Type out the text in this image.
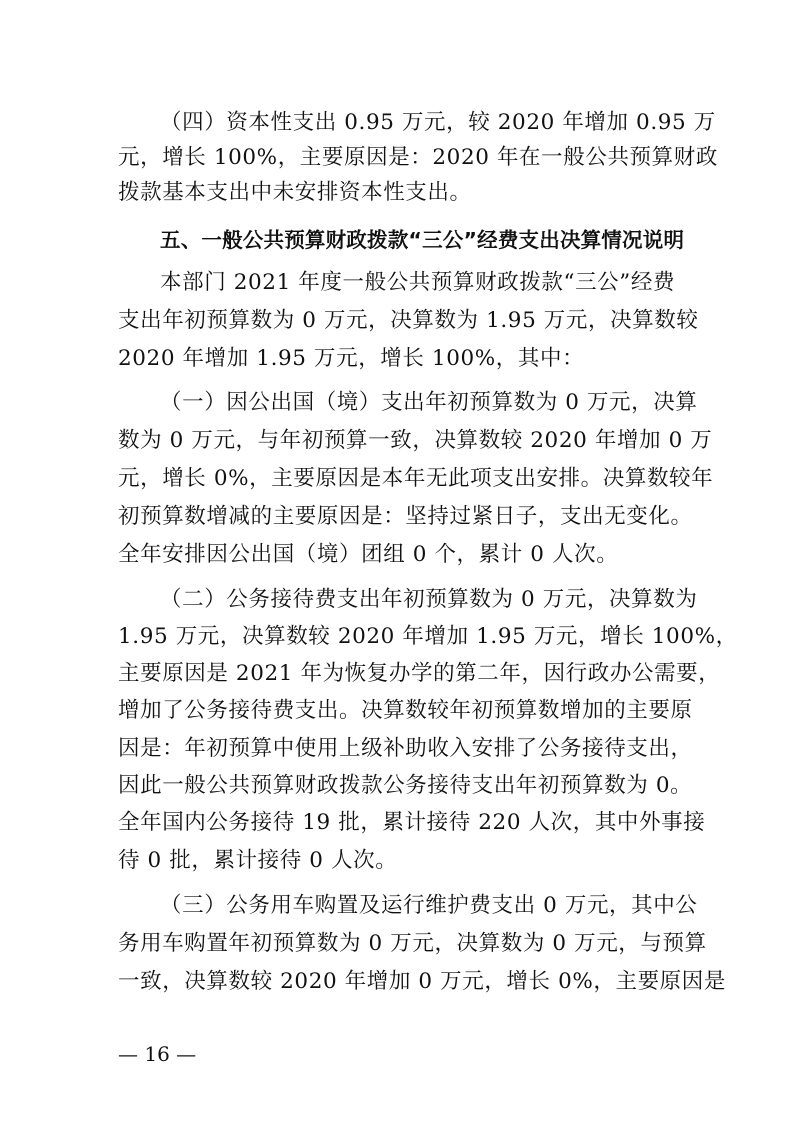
（四）资本性支出 0.95 万元，较 2020 年增加 0.95 万
元，增长 100%，主要原因是：2020 年在一般公共预算财政
拨款基本支出中未安排资本性支出。
五、一般公共预算财政拨款“三公”经费支出决算情况说明
本部门 2021 年度一般公共预算财政拨款“三公”经费
支出年初预算数为 0 万元，决算数为 1.95 万元，决算数较
2020 年增加 1.95 万元，增长 100%，其中：
（一）因公出国（境）支出年初预算数为 0 万元，决算
数为 0 万元，与年初预算一致，决算数较 2020 年增加 0 万
元，增长 0%，主要原因是本年无此项支出安排。决算数较年
初预算数增减的主要原因是：坚持过紧日子，支出无变化。
全年安排因公出国（境）团组 0 个，累计 0 人次。
（二）公务接待费支出年初预算数为 0 万元，决算数为
1.95 万元，决算数较 2020 年增加 1.95 万元，增长 100%，
主要原因是 2021 年为恢复办学的第二年，因行政办公需要，
增加了公务接待费支出。决算数较年初预算数增加的主要原
因是：年初预算中使用上级补助收入安排了公务接待支出，
因此一般公共预算财政拨款公务接待支出年初预算数为 0。
全年国内公务接待 19 批，累计接待 220 人次，其中外事接
待 0 批，累计接待 0 人次。
（三）公务用车购置及运行维护费支出 0 万元，其中公
务用车购置年初预算数为 0 万元，决算数为 0 万元，与预算
一致，决算数较 2020 年增加 0 万元，增长 0%，主要原因是
— 16 —
